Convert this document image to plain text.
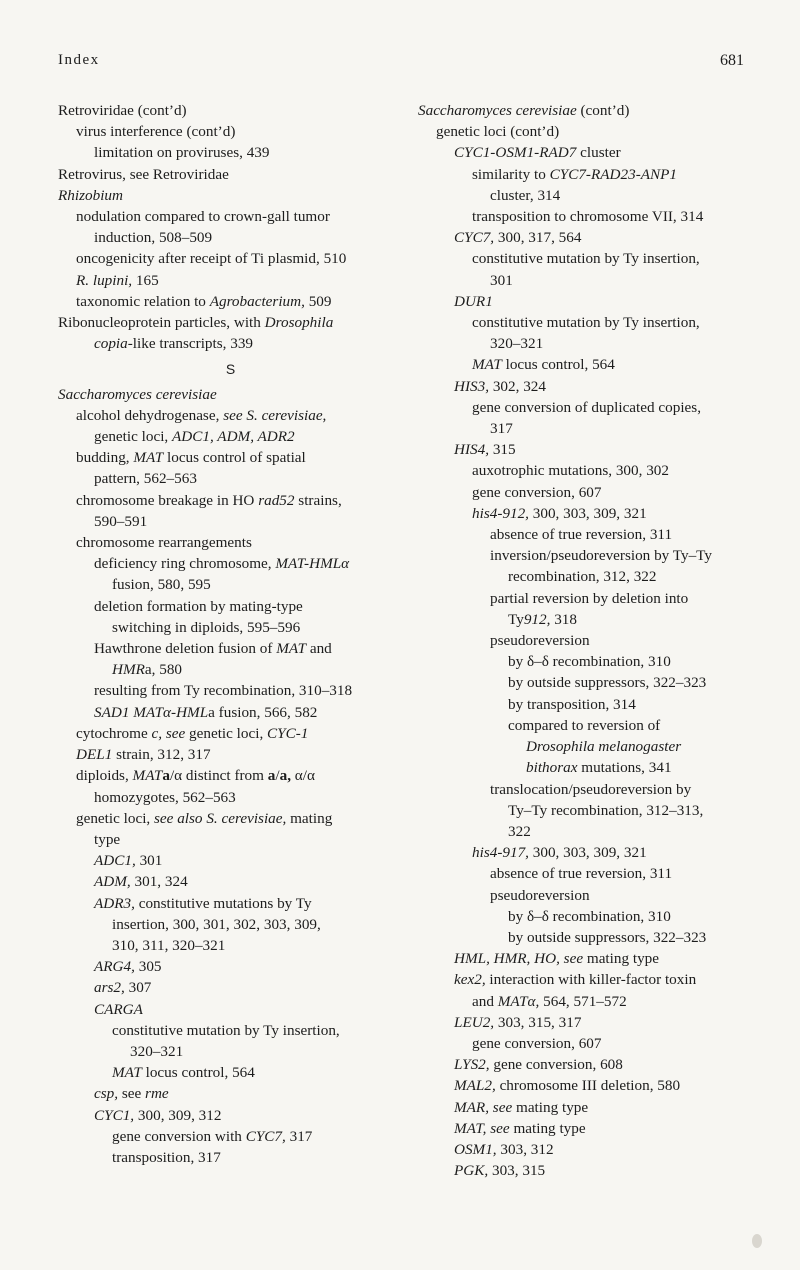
Index	681
Retroviridae (cont’d)
virus interference (cont’d)
limitation on proviruses, 439
Retrovirus, see Retroviridae
Rhizobium
nodulation compared to crown-gall tumor
induction, 508–509
oncogenicity after receipt of Ti plasmid, 510
R. lupini, 165
taxonomic relation to Agrobacterium, 509
Ribonucleoprotein particles, with Drosophila
copia-like transcripts, 339
S
Saccharomyces cerevisiae
alcohol dehydrogenase, see S. cerevisiae,
genetic loci, ADC1, ADM, ADR2
budding, MAT locus control of spatial
pattern, 562–563
chromosome breakage in HO rad52 strains,
590–591
chromosome rearrangements
deficiency ring chromosome, MAT-HMLα
fusion, 580, 595
deletion formation by mating-type
switching in diploids, 595–596
Hawthrone deletion fusion of MAT and
HMRa, 580
resulting from Ty recombination, 310–318
SAD1 MATα-HMLa fusion, 566, 582
cytochrome c, see genetic loci, CYC-1
DEL1 strain, 312, 317
diploids, MATa/α distinct from a/a, α/α
homozygotes, 562–563
genetic loci, see also S. cerevisiae, mating
type
ADC1, 301
ADM, 301, 324
ADR3, constitutive mutations by Ty
insertion, 300, 301, 302, 303, 309,
310, 311, 320–321
ARG4, 305
ars2, 307
CARGA
constitutive mutation by Ty insertion,
320–321
MAT locus control, 564
csp, see rme
CYC1, 300, 309, 312
gene conversion with CYC7, 317
transposition, 317
Saccharomyces cerevisiae (cont’d)
genetic loci (cont’d)
CYC1-OSM1-RAD7 cluster
similarity to CYC7-RAD23-ANP1
cluster, 314
transposition to chromosome VII, 314
CYC7, 300, 317, 564
constitutive mutation by Ty insertion,
301
DUR1
constitutive mutation by Ty insertion,
320–321
MAT locus control, 564
HIS3, 302, 324
gene conversion of duplicated copies,
317
HIS4, 315
auxotrophic mutations, 300, 302
gene conversion, 607
his4-912, 300, 303, 309, 321
absence of true reversion, 311
inversion/pseudoreversion by Ty–Ty
recombination, 312, 322
partial reversion by deletion into
Ty912, 318
pseudoreversion
by δ–δ recombination, 310
by outside suppressors, 322–323
by transposition, 314
compared to reversion of
Drosophila melanogaster
bithorax mutations, 341
translocation/pseudoreversion by
Ty–Ty recombination, 312–313,
322
his4-917, 300, 303, 309, 321
absence of true reversion, 311
pseudoreversion
by δ–δ recombination, 310
by outside suppressors, 322–323
HML, HMR, HO, see mating type
kex2, interaction with killer-factor toxin
and MATα, 564, 571–572
LEU2, 303, 315, 317
gene conversion, 607
LYS2, gene conversion, 608
MAL2, chromosome III deletion, 580
MAR, see mating type
MAT, see mating type
OSM1, 303, 312
PGK, 303, 315
